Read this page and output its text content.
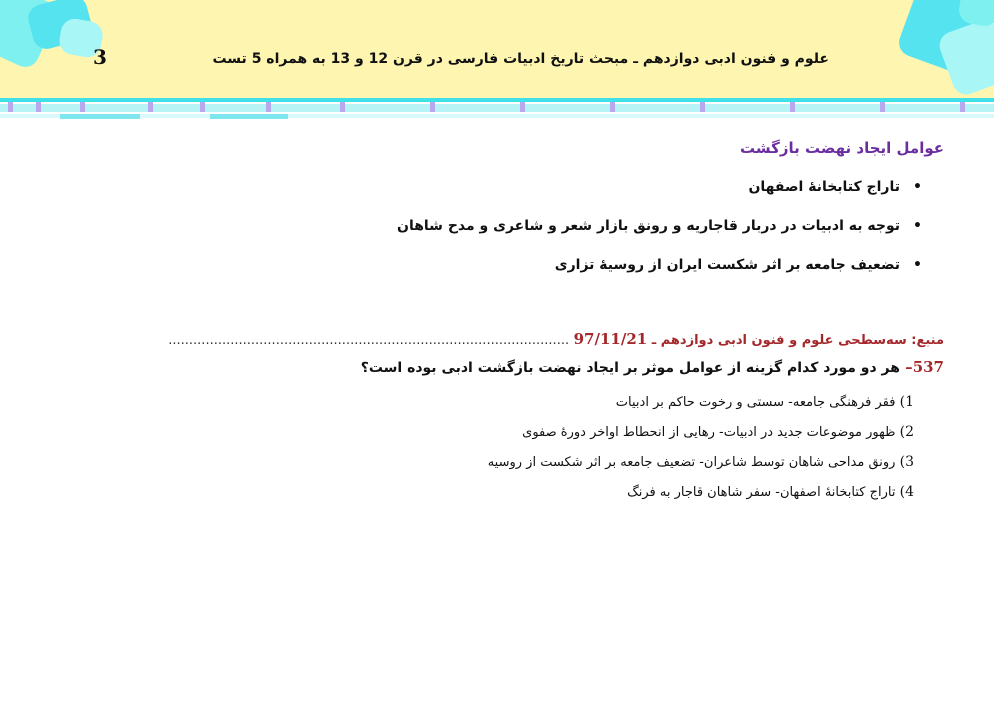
3	علوم و فنون ادبی دوازدهم ـ مبحث تاریخ ادبیات فارسی در قرن 12 و 13 به همراه 5 تست
عوامل ایجاد نهضت بازگشت
•
تاراج کتابخانهٔ اصفهان
•
توجه به ادبیات در دربار قاجاریه و رونق بازار شعر و شاعری و مدح شاهان
•
تضعیف جامعه بر اثر شکست ایران از روسیهٔ تزاری
منبع: سه‌سطحی علوم و فنون ادبی دوازدهم ـ 97/11/21 .................................................................................................
537– هر دو مورد کدام گزینه از عوامل موثر بر ایجاد نهضت بازگشت ادبی بوده است؟
1) فقر فرهنگی جامعه- سستی و رخوت حاکم بر ادبیات
2) ظهور موضوعات جدید در ادبیات- رهایی از انحطاط اواخر دورهٔ صفوی
3) رونق مداحی شاهان توسط شاعران- تضعیف جامعه بر اثر شکست از روسیه
4) تاراج کتابخانهٔ اصفهان- سفر شاهان قاجار به فرنگ
